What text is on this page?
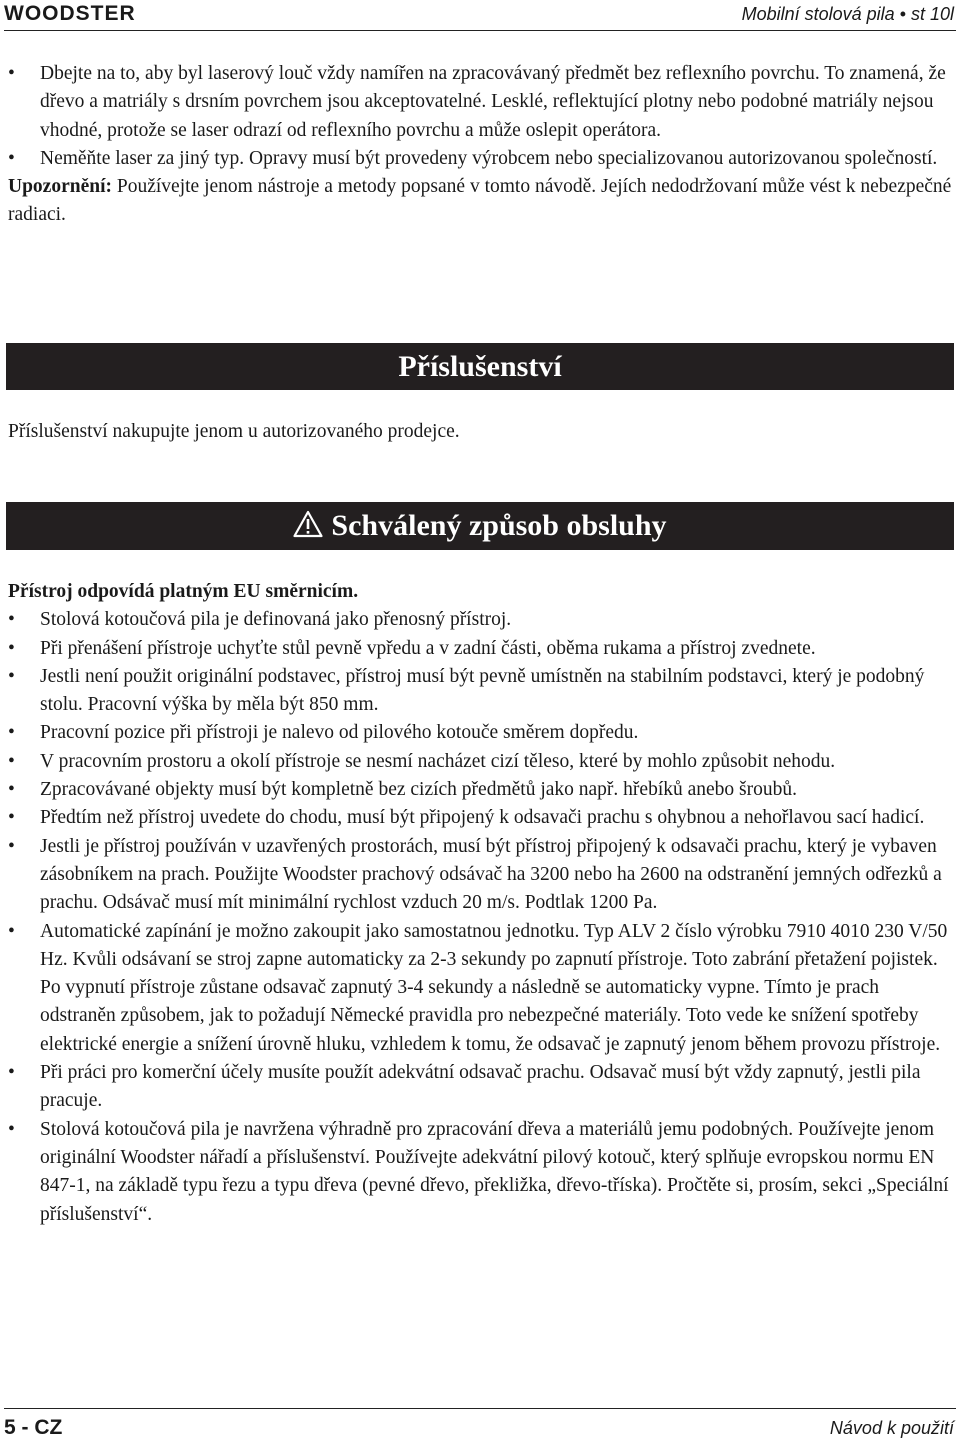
WOODSTER	Mobilní stolová pila • st 10l
• Dbejte na to, aby byl laserový louč vždy namířen na zpracovávaný předmět bez reflexního povrchu. To znamená, že dřevo a matriály s drsním povrchem jsou akceptovatelné. Lesklé, reflektující plotny nebo podobné matriály nejsou vhodné, protože se laser odrazí od reflexního povrchu a může oslepit operátora.
• Neměňte laser za jiný typ. Opravy musí být provedeny výrobcem nebo specializovanou autorizovanou společností.
Upozornění: Používejte jenom nástroje a metody popsané v tomto návodě. Jejích nedodržovaní může vést k nebezpečné radiaci.
Příslušenství
Příslušenství nakupujte jenom u autorizovaného prodejce.
Schválený způsob obsluhy
Přístroj odpovídá platným EU směrnicím.
• Stolová kotoučová pila je definovaná jako přenosný přístroj.
• Při přenášení přístroje uchyťte stůl pevně vpředu a v zadní části, oběma rukama a přístroj zvednete.
• Jestli není použit originální podstavec, přístroj musí být pevně umístněn na stabilním podstavci, který je podobný stolu. Pracovní výška by měla být 850 mm.
• Pracovní pozice při přístroji je nalevo od pilového kotouče směrem dopředu.
• V pracovním prostoru a okolí přístroje se nesmí nacházet cizí těleso, které by mohlo způsobit nehodu.
• Zpracovávané objekty musí být kompletně bez cizích předmětů jako např. hřebíků anebo šroubů.
• Předtím než přístroj uvedete do chodu, musí být připojený k odsavači prachu s ohybnou a nehořlavou sací hadicí.
• Jestli je přístroj používán v uzavřených prostorách, musí být přístroj připojený k odsavači prachu, který je vybaven zásobníkem na prach. Použijte Woodster prachový odsávač ha 3200 nebo ha 2600 na odstranění jemných odřezků a prachu. Odsávač musí mít minimální rychlost vzduch 20 m/s. Podtlak 1200 Pa.
• Automatické zapínání je možno zakoupit jako samostatnou jednotku. Typ ALV 2 číslo výrobku 7910 4010 230 V/50 Hz. Kvůli odsávaní se stroj zapne automaticky za 2-3 sekundy po zapnutí přístroje. Toto zabrání přetažení pojistek. Po vypnutí přístroje zůstane odsavač zapnutý 3-4 sekundy a následně se automaticky vypne. Tímto je prach odstraněn způsobem, jak to požadují Německé pravidla pro nebezpečné materiály. Toto vede ke snížení spotřeby elektrické energie a snížení úrovně hluku, vzhledem k tomu, že odsavač je zapnutý jenom během provozu přístroje.
• Při práci pro komerční účely musíte použít adekvátní odsavač prachu. Odsavač musí být vždy zapnutý, jestli pila pracuje.
• Stolová kotoučová pila je navržena výhradně pro zpracování dřeva a materiálů jemu podobných. Používejte jenom originální Woodster nářadí a příslušenství. Používejte adekvátní pilový kotouč, který splňuje evropskou normu EN 847-1, na základě typu řezu a typu dřeva (pevné dřevo, překližka, dřevo-tříska). Pročtěte si, prosím, sekci „Speciální příslušenství“.
5 - CZ	Návod k použití
